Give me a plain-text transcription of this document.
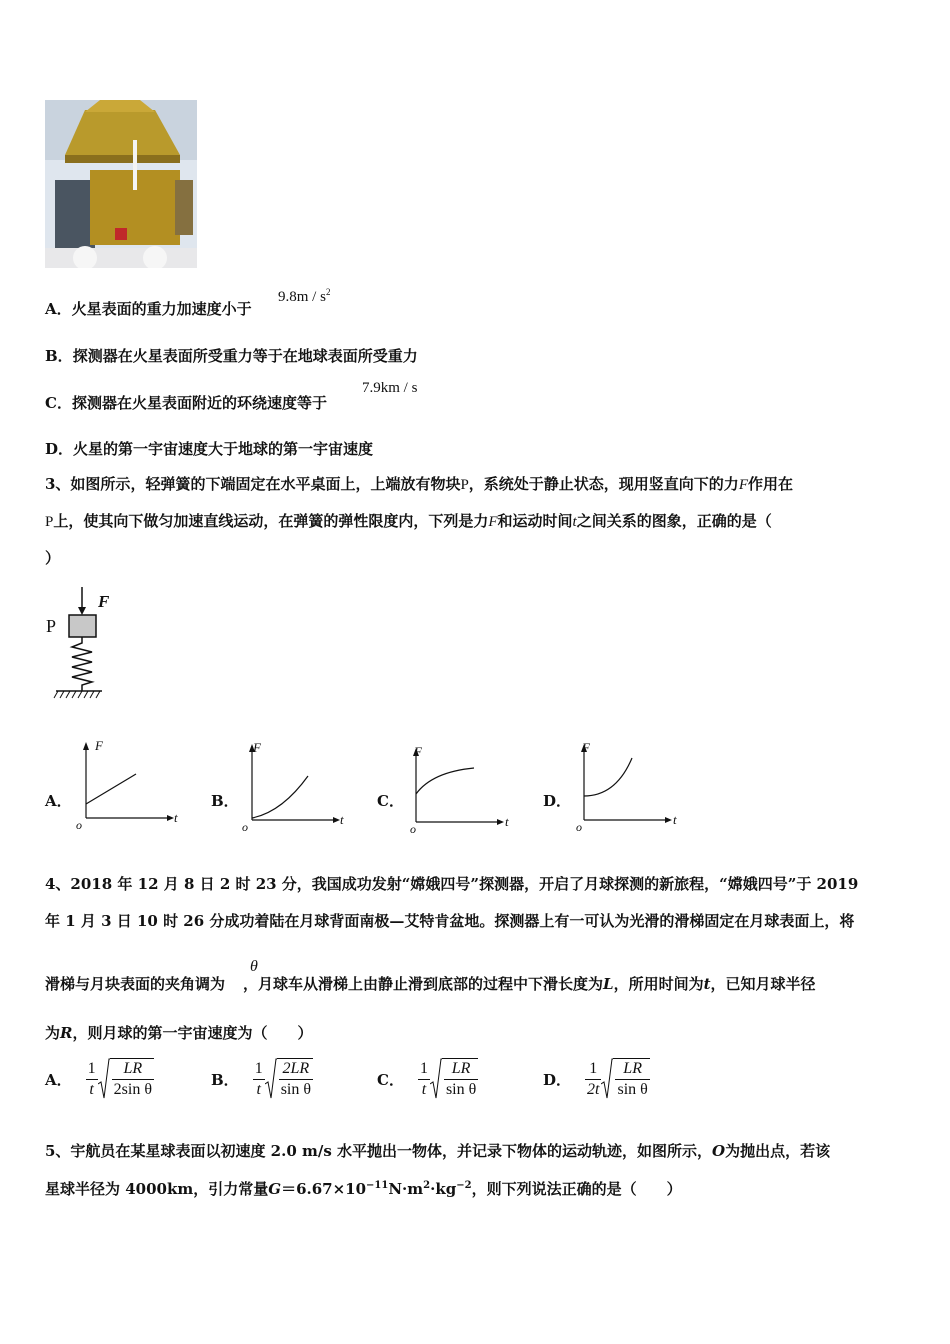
A．火星表面的重力加速度小于
$9.8m / s^2$
B．探测器在火星表面所受重力等于在地球表面所受重力
C．探测器在火星表面附近的环绕速度等于
7.9km / s
D．火星的第一宇宙速度大于地球的第一宇宙速度
3、如图所示，轻弹簧的下端固定在水平桌面上，上端放有物块P，系统处于静止状态，现用竖直向下的力F作用在
P上，使其向下做匀加速直线运动，在弹簧的弹性限度内，下列是力F和运动时间t之间关系的图象，正确的是（
）
F
P
A．
F
t
o
B．
F
t
o
C．
F
t
o
D．
F
t
o
4、2018 年 12 月 8 日 2 时 23 分，我国成功发射“嫦娥四号”探测器，开启了月球探测的新旅程，“嫦娥四号”于 2019
年 1 月 3 日 10 时 26 分成功着陆在月球背面南极—艾特肯盆地。探测器上有一可认为光滑的滑梯固定在月球表面上，将
θ
滑梯与月块表面的夹角调为 ，月球车从滑梯上由静止滑到底部的过程中下滑长度为L，所用时间为t，已知月球半径
为R，则月球的第一宇宙速度为（　　）
A． $\frac{1}{t} \frac{LR}{\text{2sin θ}}$	B． $\frac{1}{t} \frac{2LR}{\text{sin θ}}$	C． $\frac{1}{t} \frac{LR}{\text{sin θ}}$	D． $\frac{1}{2t} \frac{LR}{\text{sin θ}}$
5、宇航员在某星球表面以初速度 2.0 m/s 水平抛出一物体，并记录下物体的运动轨迹，如图所示，O为抛出点，若该
星球半径为 4000km，引力常量$G=6.67\times 10^{-11}N\cdot m^2\cdot kg^{-2}$，则下列说法正确的是（　　）
